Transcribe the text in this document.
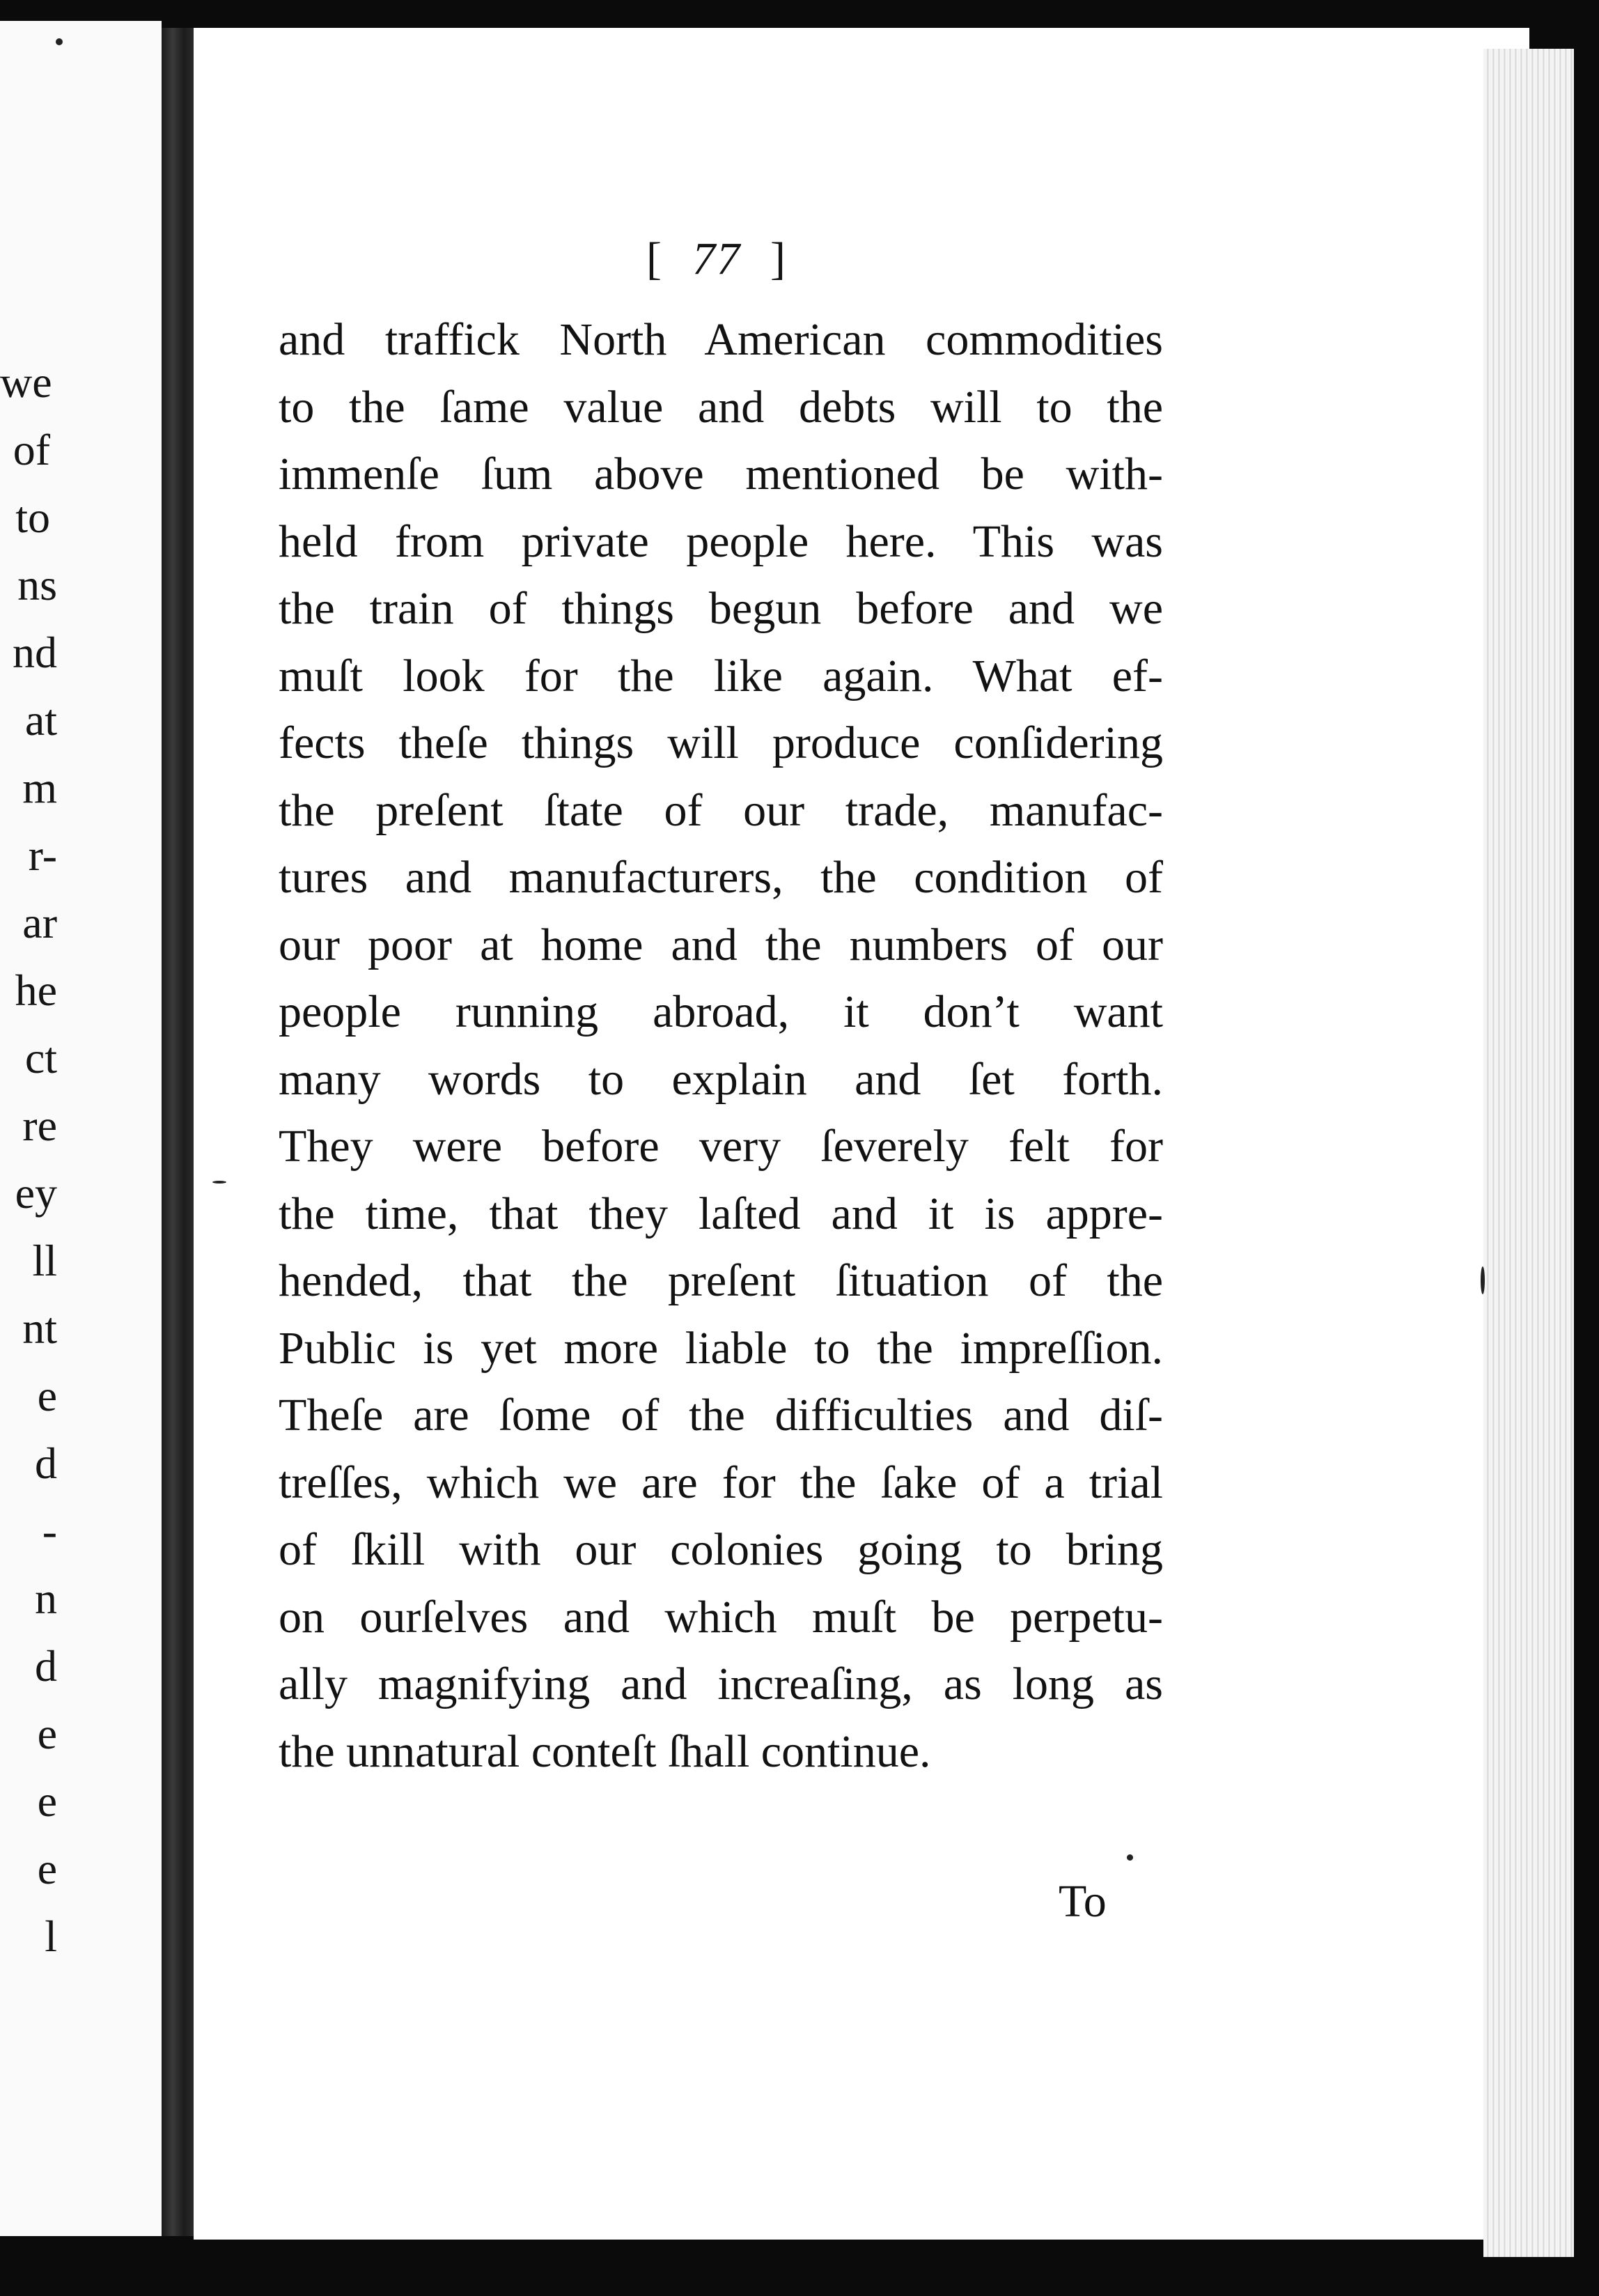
we
of
to
ns
nd
at
m
r-
ar
he
ct
re
ey
ll
nt
e
d
-
n
d
e
e
e
l
[ 77 ]
and traffick North American commodities
to the ſame value and debts will to the
immenſe ſum above mentioned be with-
held from private people here. This was
the train of things begun before and we
muſt look for the like again. What ef-
fects theſe things will produce conſidering
the preſent ſtate of our trade, manufac-
tures and manufacturers, the condition of
our poor at home and the numbers of our
people running abroad, it don’t want
many words to explain and ſet forth.
They were before very ſeverely felt for
the time, that they laſted and it is appre-
hended, that the preſent ſituation of the
Public is yet more liable to the impreſſion.
Theſe are ſome of the difficulties and diſ-
treſſes, which we are for the ſake of a trial
of ſkill with our colonies going to bring
on ourſelves and which muſt be perpetu-
ally magnifying and increaſing, as long as
the unnatural conteſt ſhall continue.
To
